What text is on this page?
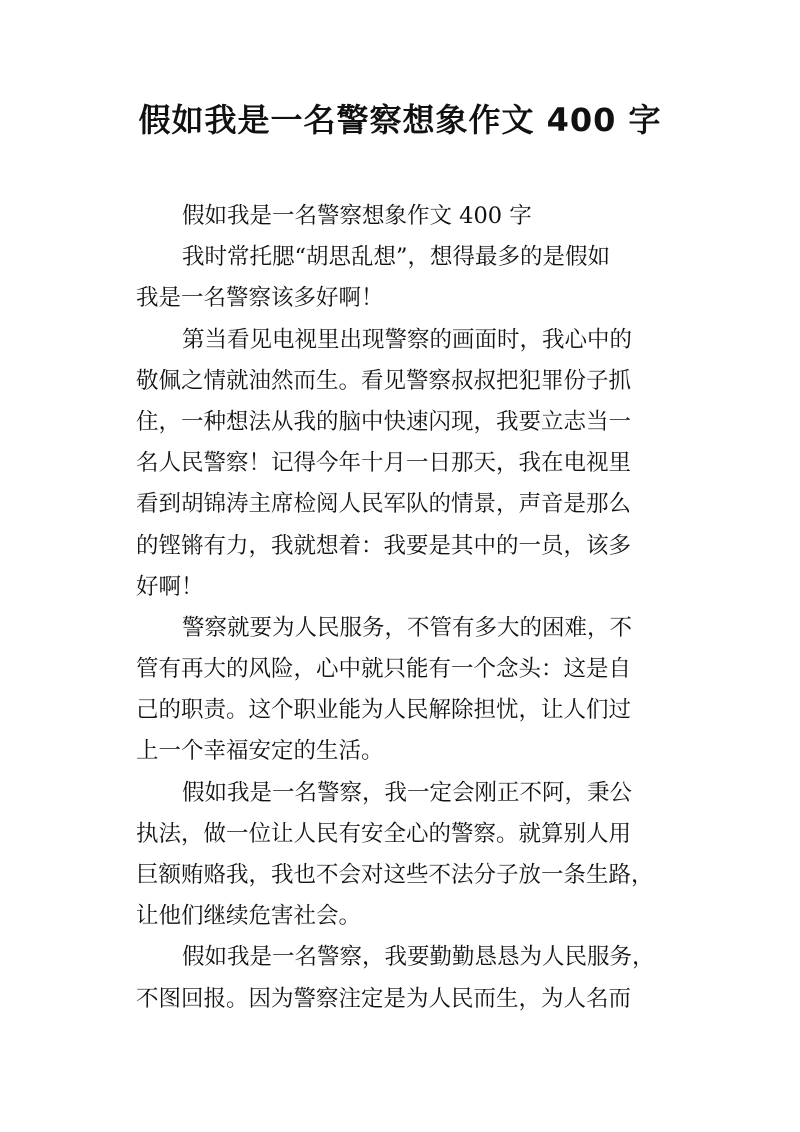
假如我是一名警察想象作文 400 字
假如我是一名警察想象作文 400 字
我时常托腮“胡思乱想”，想得最多的是假如
我是一名警察该多好啊！
第当看见电视里出现警察的画面时，我心中的
敬佩之情就油然而生。看见警察叔叔把犯罪份子抓
住，一种想法从我的脑中快速闪现，我要立志当一
名人民警察！记得今年十月一日那天，我在电视里
看到胡锦涛主席检阅人民军队的情景，声音是那么
的铿锵有力，我就想着：我要是其中的一员，该多
好啊！
警察就要为人民服务，不管有多大的困难，不
管有再大的风险，心中就只能有一个念头：这是自
己的职责。这个职业能为人民解除担忧，让人们过
上一个幸福安定的生活。
假如我是一名警察，我一定会刚正不阿，秉公
执法，做一位让人民有安全心的警察。就算别人用
巨额贿赂我，我也不会对这些不法分子放一条生路，
让他们继续危害社会。
假如我是一名警察，我要勤勤恳恳为人民服务，
不图回报。因为警察注定是为人民而生，为人名而
